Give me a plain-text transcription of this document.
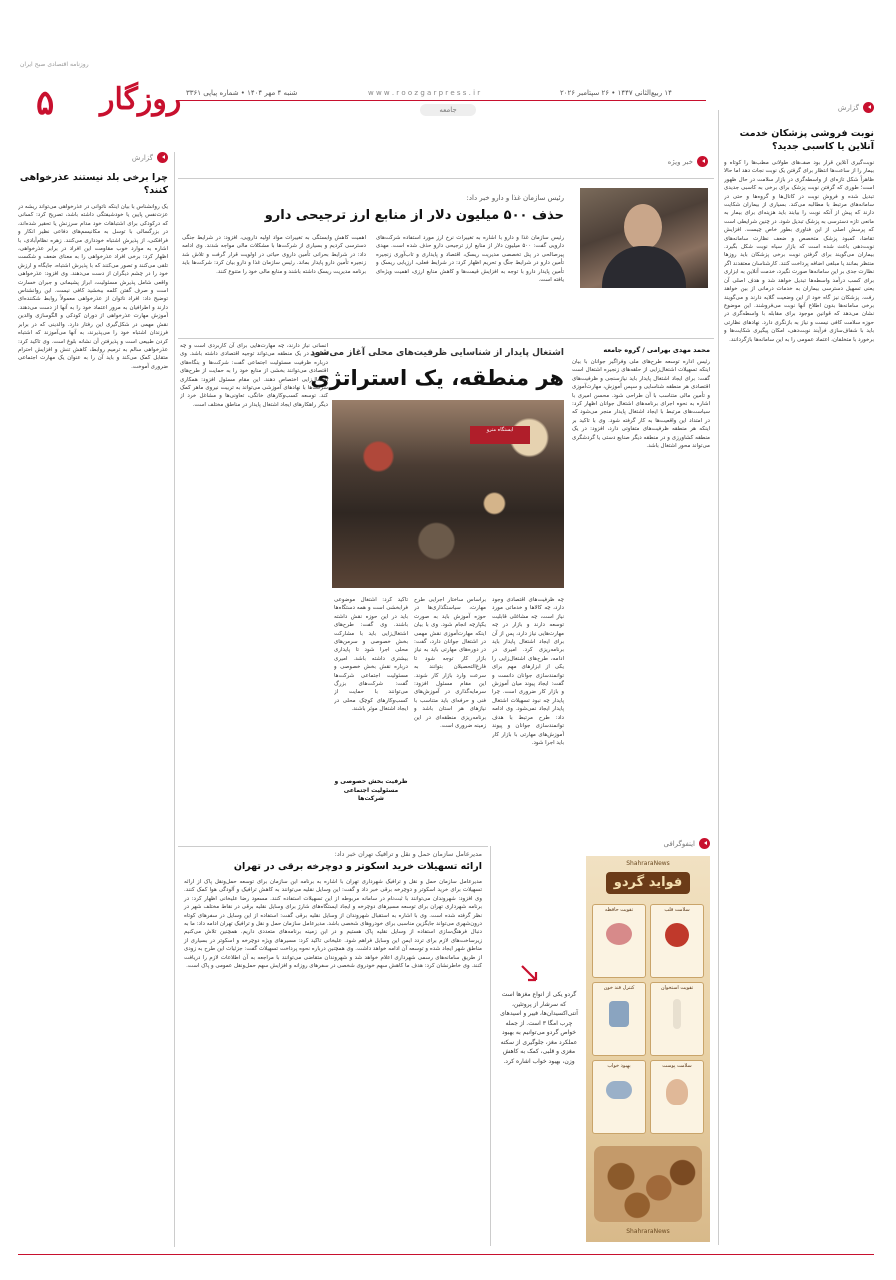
روزنامه اقتصادی صبح ایران
۵ روزگار شنبه ۴ مهر ۱۴۰۴ • شماره پیاپی ۳۳۶۱	w w w . r o o z g a r p r e s s . i r	۱۴ ربیع‌الثانی ۱۴۴۷ • ۲۶ سپتامبر ۲۰۲۶
جامعه	گزارش
نوبت فروشی پزشکان خدمت آنلاین یا کاسبی جدید؟
نوبت‌گیری آنلاین قرار بود صف‌های طولانی مطب‌ها را کوتاه و بیمار را از ساعت‌ها انتظار برای گرفتن یک نوبت نجات دهد اما حالا ظاهراً شکل تازه‌ای از واسطه‌گری در بازار سلامت در حال ظهور است؛ طوری که گرفتن نوبت پزشک برای برخی به کاسبی جدیدی تبدیل شده و فروش نوبت در کانال‌ها و گروه‌ها و حتی در سامانه‌های مرتبط با مطالبه می‌کند. بسیاری از بیماران شکایت دارند که پیش از آنکه نوبت را بیابند باید هزینه‌ای برای بیمار به مانعی تازه دسترسی به پزشک تبدیل شود. در چنین شرایطی است که پرسش اصلی از این فناوری بطور خاص چیست. افزایش تقاضا، کمبود پزشک متخصص و ضعف نظارت سامانه‌های نوبت‌دهی باعث شده است که بازار سیاه نوبت شکل بگیرد. بیماران می‌گویند برای گرفتن نوبت برخی پزشکان باید روزها منتظر بمانند یا مبلغی اضافه پرداخت کنند. کارشناسان معتقدند اگر نظارت جدی بر این سامانه‌ها صورت نگیرد، خدمت آنلاین به ابزاری برای کسب درآمد واسطه‌ها تبدیل خواهد شد و هدف اصلی آن یعنی تسهیل دسترسی بیماران به خدمات درمانی از بین خواهد رفت. پزشکان نیز گاه خود از این وضعیت گلایه دارند و می‌گویند برخی سامانه‌ها بدون اطلاع آنها نوبت می‌فروشند. این موضوع نشان می‌دهد که قوانین موجود برای مقابله با واسطه‌گری در حوزه سلامت کافی نیست و نیاز به بازنگری دارد. نهادهای نظارتی باید با شفاف‌سازی فرآیند نوبت‌دهی، امکان پیگیری شکایت‌ها و برخورد با متخلفان، اعتماد عمومی را به این سامانه‌ها بازگردانند.
گزارش
چرا برخی بلد نیستند عذرخواهی کنند؟
یک روانشناس با بیان اینکه ناتوانی در عذرخواهی می‌تواند ریشه در عزت‌نفس پایین یا خودشیفتگی داشته باشد، تصریح کرد: کسانی که درکودکی برای اشتباهات خود مدام سرزنش یا تحقیر شده‌اند، در بزرگسالی با توسل به مکانیسم‌های دفاعی نظیر انکار و فرافکنی، از پذیرش اشتباه خودداری می‌کنند. زهره نظام‌آبادی، با اشاره به موارد خوب مقاومت این افراد در برابر عذرخواهی، اظهار کرد: برخی افراد عذرخواهی را به معنای ضعف و شکست تلقی می‌کنند و تصور می‌کنند که با پذیرش اشتباه، جایگاه و ارزش خود را در چشم دیگران از دست می‌دهند. وی افزود: عذرخواهی واقعی شامل پذیرش مسئولیت، ابراز پشیمانی و جبران خسارت است و صرف گفتن کلمه ببخشید کافی نیست. این روانشناس توضیح داد: افراد ناتوان از عذرخواهی معمولاً روابط شکننده‌ای دارند و اطرافیان به مرور اعتماد خود را به آنها از دست می‌دهند. آموزش مهارت عذرخواهی از دوران کودکی و الگوسازی والدین نقش مهمی در شکل‌گیری این رفتار دارد. والدینی که در برابر فرزندان اشتباه خود را می‌پذیرند، به آنها می‌آموزند که اشتباه کردن طبیعی است و پذیرفتن آن نشانه بلوغ است. وی تاکید کرد: عذرخواهی سالم به ترمیم روابط، کاهش تنش و افزایش احترام متقابل کمک می‌کند و باید آن را به عنوان یک مهارت اجتماعی ضروری آموخت.
خبر ویژه
رئیس سازمان غذا و دارو خبر داد:
حذف ۵۰۰ میلیون دلار از منابع ارز ترجیحی دارو
رئیس سازمان غذا و دارو با اشاره به تغییرات نرخ ارز مورد استفاده شرکت‌های دارویی گفت: ۵۰۰ میلیون دلار از منابع ارز ترجیحی دارو حذف شده است. مهدی پیرصالحی در پنل تخصصی مدیریت ریسک، اقتصاد و پایداری و تاب‌آوری زنجیره تأمین دارو در شرایط جنگ و تحریم اظهار کرد: در شرایط فعلی، ارزیابی ریسک و تأمین پایدار دارو با توجه به افزایش قیمت‌ها و کاهش منابع ارزی، اهمیت ویژه‌ای یافته است.
اهمیت کاهش وابستگی به تغییرات مواد اولیه دارویی، افزود: در شرایط جنگی دسترسی کردیم و بسیاری از شرکت‌ها با مشکلات مالی مواجه شدند. وی ادامه داد: در شرایط بحرانی تأمین داروی حیاتی در اولویت قرار گرفت و تلاش شد زنجیره تأمین دارو پایدار بماند. رئیس سازمان غذا و دارو بیان کرد: شرکت‌ها باید برنامه مدیریت ریسک داشته باشند و منابع مالی خود را متنوع کنند.
اشتغال پایدار از شناسایی ظرفیت‌های محلی آغاز می‌شود
هر منطقه، یک استراتژی
ایستگاه مترو
محمد مهدی بهرامی / گروه جامعه
رئیس اداره توسعه طرح‌های ملی وفراگیر جوانان با بیان اینکه تسهیلات اشتغال‌زایی از حلقه‌های زنجیره اشتغال است گفت: برای ایجاد اشتغال پایدار باید نیازسنجی و ظرفیت‌های اقتصادی هر منطقه شناسایی و سپس آموزش، مهارت‌آموزی و تأمین مالی متناسب با آن طراحی شود. محسن امیری با اشاره به نحوه اجرای برنامه‌های اشتغال جوانان اظهار کرد: سیاست‌های مرتبط با ایجاد اشتغال پایدار منجر می‌شود که در امتداد این واقعیت‌ها به کار گرفته شود. وی با تاکید بر اینکه هر منطقه ظرفیت‌های متفاوتی دارد، افزود: در یک منطقه کشاورزی و در منطقه دیگر صنایع دستی یا گردشگری می‌تواند محور اشتغال باشد.
چه ظرفیت‌های اقتصادی وجود دارد، چه کالاها و خدماتی مورد نیاز است، چه مشاغلی قابلیت توسعه دارند و بازار در چه مهارت‌هایی نیاز دارد، پس از آن برای ایجاد اشتغال پایدار باید برنامه‌ریزی کرد. امیری در ادامه، طرح‌های اشتغال‌زایی را یکی از ابزارهای مهم برای توانمندسازی جوانان دانست و گفت: ایجاد پیوند میان آموزش و بازار کار ضروری است. چرا پایدار چه نبود تسهیلات اشتغال پایدار ایجاد نمی‌شود. وی ادامه داد: طرح مرتبط با هدف توانمندسازی جوانان و پیوند آموزش‌های مهارتی با بازار کار باید اجرا شود.
براساس ساختار اجرایی طرح مهارت، سیاستگذاری‌ها در حوزه آموزش باید به صورت یکپارچه انجام شود. وی با بیان اینکه مهارت‌آموزی نقش مهمی در اشتغال جوانان دارد، گفت: در دوره‌های مهارتی باید به نیاز بازار کار توجه شود تا فارغ‌التحصیلان بتوانند به سرعت وارد بازار کار شوند. این مقام مسئول افزود: سرمایه‌گذاری در آموزش‌های فنی و حرفه‌ای باید متناسب با نیازهای هر استان باشد و برنامه‌ریزی منطقه‌ای در این زمینه ضروری است.
تاکید کرد: اشتغال موضوعی فرابخشی است و همه دستگاه‌ها باید در این حوزه نقش داشته باشند. وی گفت: طرح‌های اشتغال‌زایی باید با مشارکت بخش خصوصی و سرمن‌های محلی اجرا شود تا پایداری بیشتری داشته باشد. امیری درباره نقش بخش خصوصی و مسئولیت اجتماعی شرکت‌ها گفت: شرکت‌های بزرگ می‌توانند با حمایت از کسب‌وکارهای کوچک محلی در ایجاد اشتغال موثر باشند.
ظرفیت بخش خصوصی و مسئولیت اجتماعی شرکت‌ها
انسانی نیاز دارند، چه مهارت‌هایی برای آن کاربردی است و چه فعالیتی در یک منطقه می‌تواند توجیه اقتصادی داشته باشد. وی درباره ظرفیت مسئولیت اجتماعی گفت: شرکت‌ها و بنگاه‌های اقتصادی می‌توانند بخشی از منابع خود را به حمایت از طرح‌های اشتغال‌زایی اختصاص دهند. این مقام مسئول افزود: همکاری شرکت‌ها با نهادهای آموزشی می‌تواند به تربیت نیروی ماهر کمک کند. توسعه کسب‌وکارهای خانگی، تعاونی‌ها و مشاغل خرد از دیگر راهکارهای ایجاد اشتغال پایدار در مناطق مختلف است.
اینفوگرافی
ShahraraNews
فواید گردو
تقویت حافظه	سلامت قلب
کنترل قند خون	تقویت استخوان
بهبود خواب	سلامت پوست
ShahraraNews
گردو یکی از انواع مغزها است که سرشار از پروتئین، آنتی‌اکسیدان‌ها، فیبر و اسیدهای چرب امگا ۳ است. از جمله خواص گردو می‌توانیم به بهبود عملکرد مغز، جلوگیری از سکته مغزی و قلبی، کمک به کاهش وزن، بهبود خواب اشاره کرد.
مدیرعامل سازمان حمل و نقل و ترافیک تهران خبر داد:
ارائه تسهیلات خرید اسکوتر و دوچرخه برقی در تهران
مدیرعامل سازمان حمل و نقل و ترافیک شهرداری تهران با اشاره به برنامه این سازمان برای توسعه حمل‌ونقل پاک از ارائه تسهیلات برای خرید اسکوتر و دوچرخه برقی خبر داد و گفت: این وسایل نقلیه می‌توانند به کاهش ترافیک و آلودگی هوا کمک کنند. وی افزود: شهروندان می‌توانند با ثبت‌نام در سامانه مربوطه از این تسهیلات استفاده کنند. مسعود رضا علیخانی اظهار کرد: در برنامه شهرداری تهران برای توسعه مسیرهای دوچرخه و ایجاد ایستگاه‌های شارژ برای وسایل نقلیه برقی در نقاط مختلف شهر در نظر گرفته شده است. وی با اشاره به استقبال شهروندان از وسایل نقلیه برقی گفت: استفاده از این وسایل در سفرهای کوتاه درون‌شهری می‌تواند جایگزین مناسبی برای خودروهای شخصی باشد. مدیرعامل سازمان حمل و نقل و ترافیک تهران ادامه داد: ما به دنبال فرهنگ‌سازی استفاده از وسایل نقلیه پاک هستیم و در این زمینه برنامه‌های متعددی داریم. همچنین تلاش می‌کنیم زیرساخت‌های لازم برای تردد ایمن این وسایل فراهم شود. علیخانی تاکید کرد: مسیرهای ویژه دوچرخه و اسکوتر در بسیاری از مناطق شهر ایجاد شده و توسعه آن ادامه خواهد داشت. وی همچنین درباره نحوه پرداخت تسهیلات گفت: جزئیات این طرح به زودی از طریق سامانه‌های رسمی شهرداری اعلام خواهد شد و شهروندان متقاضی می‌توانند با مراجعه به آن اطلاعات لازم را دریافت کنند. وی خاطرنشان کرد: هدف ما کاهش سهم خودروی شخصی در سفرهای روزانه و افزایش سهم حمل‌ونقل عمومی و پاک است.
